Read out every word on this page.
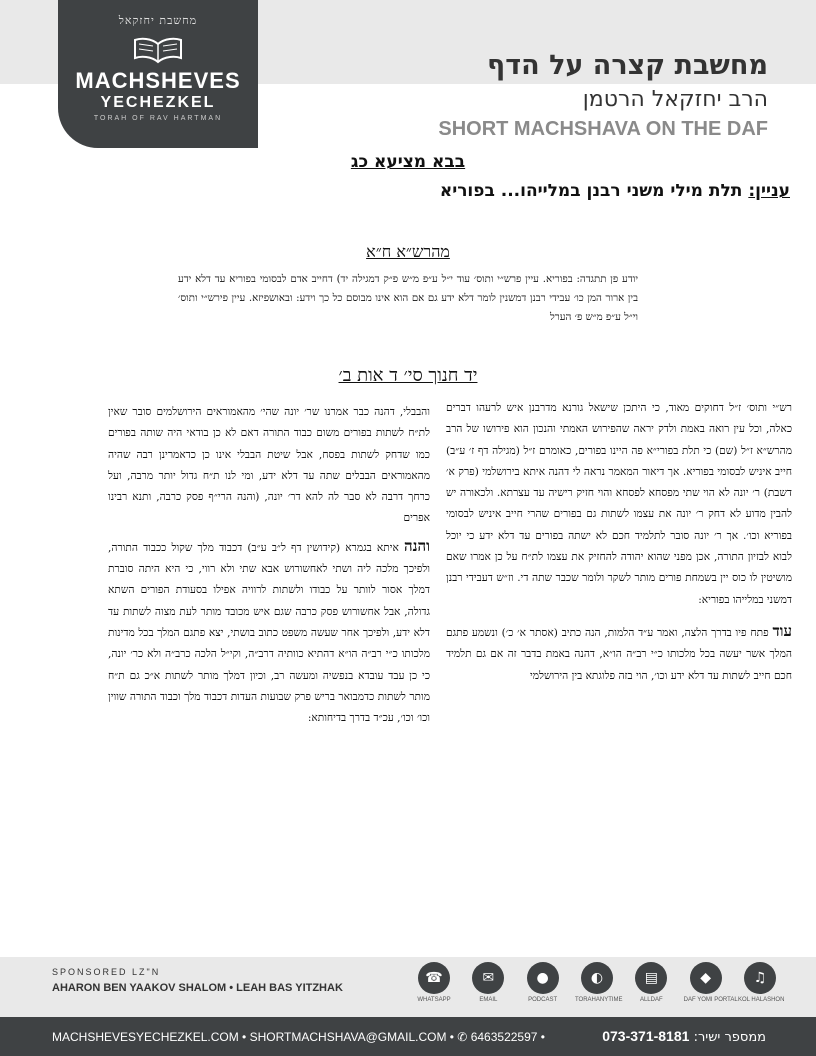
מחשבת יחזקאל
MACHSHEVES
YECHEZKEL
TORAH OF RAV HARTMAN
מחשבת קצרה על הדף
הרב יחזקאל הרטמן
SHORT MACHSHAVA ON THE DAF
בבא מציעא כג
עניין: תלת מילי משני רבנן במלייהו... בפוריא
מהרש״א ח״א
יודע פן תתגדה: בפוריא. עיין פרש״י ותוס׳ עוד י״ל ע״פ מ״ש פ״ק דמגילה יד) דחייב אדם לבסומי בפוריא עד דלא ידע בין ארור המן כו׳ עבידי רבנן דמשנין לומר דלא ידע גם אם הוא אינו מבוסם כל כך וידע: ובאושפיזא. עיין פירש״י ותוס׳ וי״ל ע״פ מ״ש פ׳ הערל
יד חנוך סי׳ ד אות ב׳

רש״י ותוס׳ ז״ל דחוקים מאוד, כי היתכן שישאל גורנא מדרבנן איש לרעהו דברים כאלה, וכל עין רואה באמת ולדק יראה שהפירוש האמתי והנכון הוא פירושו של הרב מהרש״א ז״ל (שם) כי תלת בפורי״א פה היינו בפורים, כאומרם ז״ל (מגילה דף ז׳ ע״ב) חייב איניש לבסומי בפוריא. אך דיאור המאמר נראה לי דהנה איתא בירושלמי (פרק א׳ דשבת) ר׳ יונה לא הוי שתי מפסחא לפסחא והוי חזיק רישיה עד עצרתא. ולכאורה יש להבין מדוע לא דחק ר׳ יונה את עצמו לשתות גם בפורים שהרי חייב איניש לבסומי בפוריא וכו׳. אך ר׳ יונה סובר לתלמיד חכם לא ישתה בפורים עד דלא ידע כי יוכל לבוא לבזיון התורה, אכן מפני שהוא יהודה להחזיק את עצמו לת״ח על כן אמרו שאם מושיטין לו כוס יין בשמחת פורים מותר לשקר ולומר שכבר שתה די. וז״ש דעבידי רבנן דמשני במלייהו בפוריא:

עוד פתח פיו בדרך הלצה, ואמר ע״ד הלמות, הנה כתיב (אסתר א׳ כ׳) ונשמע פתגם המלך אשר יעשה בכל מלכותו כ״י רב״ה הו״א, דהנה באמת בדבר זה אם גם תלמיד חכם חייב לשתות עד דלא ידע וכו׳, הוי בזה פלוגתא בין הירושלמי

והבבלי, דהנה כבר אמרנו שר׳ יונה שהי׳ מהאמוראים הירושלמים סובר שאין לת״ח לשתות בפורים משום כבוד התורה דאם לא כן בודאי היה שותה בפורים כמו שדחק לשתות בפסח, אבל שיטת הבבלי אינו כן כדאמרינן רבה שהיה מהאמוראים הבבלים שתה עד דלא ידע, ומי לנו ת״ח גדול יותר מרבה, ועל כרחך דרבה לא סבר לה להא דר׳ יונה, (והנה הרי״ף פסק כרבה, ותנא רבינו אפרים

והנה איתא בגמרא (קידושין דף ל״ב ע״ב) דכבוד מלך שקול ככבוד התורה, ולפיכך מלכה ליה ושתי לאחשורוש אבא שתי ולא רווי, כי היא היתה סוברת דמלך אסור לוותר על כבודו ולשתות לרוויה אפילו בסעודת הפורים השתא גדולה, אבל אחשורוש פסק כרבה שגם איש מכובד מותר לעת מצוה לשתות עד דלא ידע, ולפיכך אחר שעשה משפט כתוב בושתי, יצא פתגם המלך בכל מדינות מלכותו כ״י רב״ה הו״א דהתיא כוותיה דרב״ה, וקי״ל הלכה כרב״ה ולא כר׳ יונה, כי כן עבד עובדא בנפשיה ומעשה רב, וכיון דמלך מותר לשתות א״כ גם ת״ח מותר לשתות כדמבואר בריש פרק שבועות העדות דכבוד מלך וכבוד התורה שווין וכו׳ וכו׳, עכ״ד בדרך בדיחותא:

SPONSORED LZ"N
AHARON BEN YAAKOV SHALOM • LEAH BAS YITZHAK
☎
WHATSAPP
✉
EMAIL
●
PODCAST
◐
TORAHANYTIME
▤
ALLDAF
◆
DAF YOMI PORTAL
♫
KOL HALASHON
MACHSHEVESYECHEZKEL.COM • SHORTMACHSHAVA@GMAIL.COM • ✆ 6463522597 •	ממספר ישיר: 073-371-8181
